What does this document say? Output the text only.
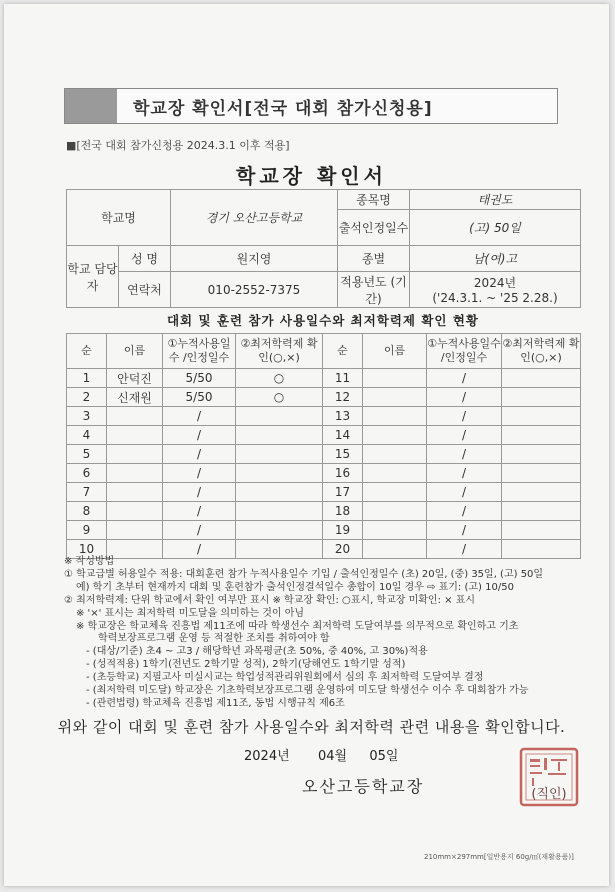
학교장 확인서[전국 대회 참가신청용]
■[전국 대회 참가신청용 2024.3.1 이후 적용]
학교장 확인서
학교명		경기 오산고등학교	종목명	태권도
			출석인정일수	(고) 50일
학교 담당자	성 명	원지영	종별	남(여)고
	연락처	010-2552-7375	적용년도 (기간)	2024년
('24.3.1. ~ '25 2.28.)
대회 및 훈련 참가 사용일수와 최저학력제 확인 현황
순	이름	①누적사용일수 /인정일수	②최저학력제 확인(○,×)	순	이름	①누적사용일수 /인정일수	②최저학력제 확인(○,×)
1	안덕진	5/50	○	11		/	
2	신재원	5/50	○	12		/	
3		/		13		/	
4		/		14		/	
5		/		15		/	
6		/		16		/	
7		/		17		/	
8		/		18		/	
9		/		19		/	
10		/		20		/	
※ 작성방법
① 학교급별 허용일수 적용: 대회훈련 참가 누적사용일수 기입 / 출석인정일수 (초) 20일, (중) 35일, (고) 50일
예) 학기 초부터 현재까지 대회 및 훈련참가 출석인정결석일수 총합이 10일 경우 ⇨ 표기: (고) 10/50
② 최저학력제: 단위 학교에서 확인 여부만 표시 ※ 학교장 확인: ○표시, 학교장 미확인: × 표시
※ '×' 표시는 최저학력 미도달을 의미하는 것이 아님
※ 학교장은 학교체육 진흥법 제11조에 따라 학생선수 최저학력 도달여부를 의무적으로 확인하고 기초
학력보장프로그램 운영 등 적절한 조치를 취하여야 함
- (대상/기준) 초4 ~ 고3 / 해당학년 과목평균(초 50%, 중 40%, 고 30%)적용
- (성적적용) 1학기(전년도 2학기말 성적), 2학기(당해연도 1학기말 성적)
- (초등학교) 지필고사 미실시교는 학업성적관리위원회에서 심의 후 최저학력 도달여부 결정
- (최저학력 미도달) 학교장은 기초학력보장프로그램 운영하여 미도달 학생선수 이수 후 대회참가 가능
- (관련법령) 학교체육 진흥법 제11조, 동법 시행규칙 제6조
위와 같이 대회 및 훈련 참가 사용일수와 최저학력 관련 내용을 확인합니다.
2024년 04월 05일
오산고등학교장	(직인)
210mm×297mm[일반용지 60g/㎡(재활용품)]
